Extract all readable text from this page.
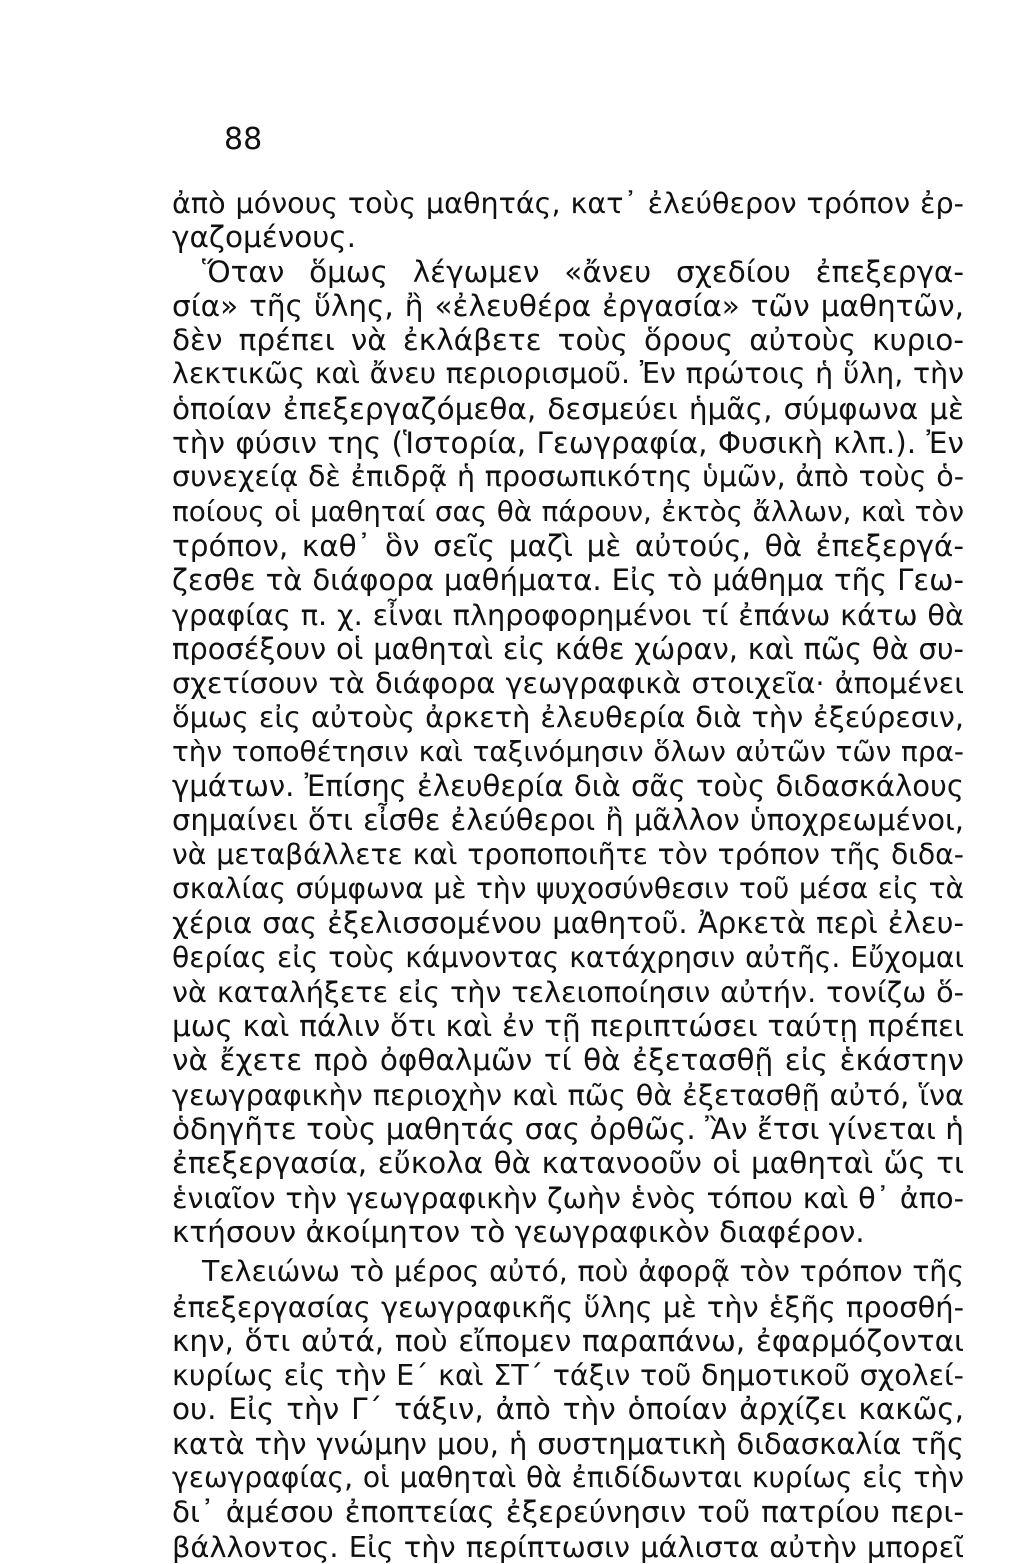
88
ἀπὸ μόνους τοὺς μαθητάς, κατ᾽ ἐλεύθερον τρόπον ἐρ-
γαζομένους.
Ὅταν ὅμως λέγωμεν «ἄνευ σχεδίου ἐπεξεργα-
σία» τῆς ὕλης, ἢ «ἐλευθέρα ἐργασία» τῶν μαθητῶν,
δὲν πρέπει νὰ ἐκλάβετε τοὺς ὅρους αὐτοὺς κυριο-
λεκτικῶς καὶ ἄνευ περιορισμοῦ. Ἐν πρώτοις ἡ ὕλη, τὴν
ὁποίαν ἐπεξεργαζόμεθα, δεσμεύει ἡμᾶς, σύμφωνα μὲ
τὴν φύσιν της (Ἱστορία, Γεωγραφία, Φυσικὴ κλπ.). Ἐν
συνεχείᾳ δὲ ἐπιδρᾷ ἡ προσωπικότης ὑμῶν, ἀπὸ τοὺς ὁ-
ποίους οἱ μαθηταί σας θὰ πάρουν, ἐκτὸς ἄλλων, καὶ τὸν
τρόπον, καθ᾽ ὃν σεῖς μαζὶ μὲ αὐτούς, θὰ ἐπεξεργά-
ζεσθε τὰ διάφορα μαθήματα. Εἰς τὸ μάθημα τῆς Γεω-
γραφίας π. χ. εἶναι πληροφορημένοι τί ἐπάνω κάτω θὰ
προσέξουν οἱ μαθηταὶ εἰς κάθε χώραν, καὶ πῶς θὰ συ-
σχετίσουν τὰ διάφορα γεωγραφικὰ στοιχεῖα· ἀπομένει
ὅμως εἰς αὐτοὺς ἀρκετὴ ἐλευθερία διὰ τὴν ἐξεύρεσιν,
τὴν τοποθέτησιν καὶ ταξινόμησιν ὅλων αὐτῶν τῶν πρα-
γμάτων. Ἐπίσης ἐλευθερία διὰ σᾶς τοὺς διδασκάλους
σημαίνει ὅτι εἶσθε ἐλεύθεροι ἢ μᾶλλον ὑποχρεωμένοι,
νὰ μεταβάλλετε καὶ τροποποιῆτε τὸν τρόπον τῆς διδα-
σκαλίας σύμφωνα μὲ τὴν ψυχοσύνθεσιν τοῦ μέσα εἰς τὰ
χέρια σας ἐξελισσομένου μαθητοῦ. Ἀρκετὰ περὶ ἐλευ-
θερίας εἰς τοὺς κάμνοντας κατάχρησιν αὐτῆς. Εὔχομαι
νὰ καταλήξετε εἰς τὴν τελειοποίησιν αὐτήν. τονίζω ὅ-
μως καὶ πάλιν ὅτι καὶ ἐν τῇ περιπτώσει ταύτῃ πρέπει
νὰ ἔχετε πρὸ ὀφθαλμῶν τί θὰ ἐξετασθῇ εἰς ἑκάστην
γεωγραφικὴν περιοχὴν καὶ πῶς θὰ ἐξετασθῇ αὐτό, ἵνα
ὁδηγῆτε τοὺς μαθητάς σας ὀρθῶς. Ἂν ἔτσι γίνεται ἡ
ἐπεξεργασία, εὔκολα θὰ κατανοοῦν οἱ μαθηταὶ ὥς τι
ἑνιαῖον τὴν γεωγραφικὴν ζωὴν ἑνὸς τόπου καὶ θ᾽ ἀπο-
κτήσουν ἀκοίμητον τὸ γεωγραφικὸν διαφέρον.
Τελειώνω τὸ μέρος αὐτό, ποὺ ἀφορᾷ τὸν τρόπον τῆς
ἐπεξεργασίας γεωγραφικῆς ὕλης μὲ τὴν ἑξῆς προσθή-
κην, ὅτι αὐτά, ποὺ εἴπομεν παραπάνω, ἐφαρμόζονται
κυρίως εἰς τὴν Ε΄ καὶ ΣΤ΄ τάξιν τοῦ δημοτικοῦ σχολεί-
ου. Εἰς τὴν Γ΄ τάξιν, ἀπὸ τὴν ὁποίαν ἀρχίζει κακῶς,
κατὰ τὴν γνώμην μου, ἡ συστηματικὴ διδασκαλία τῆς
γεωγραφίας, οἱ μαθηταὶ θὰ ἐπιδίδωνται κυρίως εἰς τὴν
δι᾽ ἀμέσου ἐποπτείας ἐξερεύνησιν τοῦ πατρίου περι-
βάλλοντος. Εἰς τὴν περίπτωσιν μάλιστα αὐτὴν μπορεῖ
